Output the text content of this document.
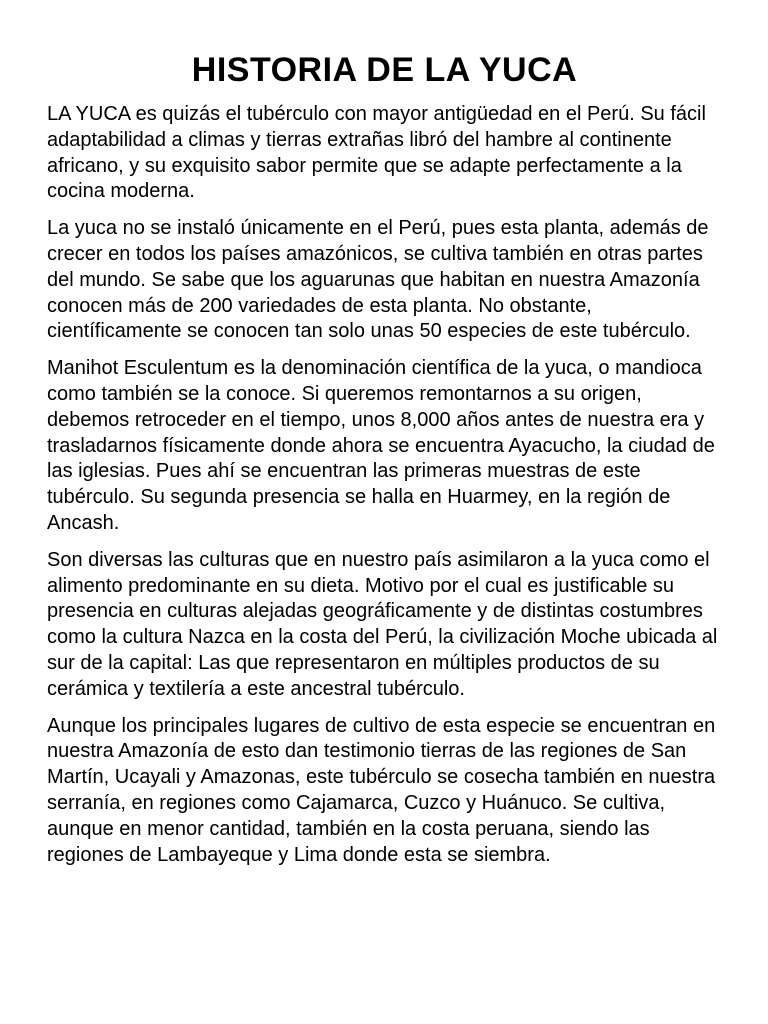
HISTORIA DE LA YUCA

LA YUCA es quizás el tubérculo con mayor antigüedad en el Perú. Su fácil adaptabilidad a climas y tierras extrañas libró del hambre al continente africano, y su exquisito sabor permite que se adapte perfectamente a la cocina moderna.

La yuca no se instaló únicamente en el Perú, pues esta planta, además de crecer en todos los países amazónicos, se cultiva también en otras partes del mundo. Se sabe que los aguarunas que habitan en nuestra Amazonía conocen más de 200 variedades de esta planta. No obstante, científicamente se conocen tan solo unas 50 especies de este tubérculo.

Manihot Esculentum es la denominación científica de la yuca, o mandioca como también se la conoce. Si queremos remontarnos a su origen, debemos retroceder en el tiempo, unos 8,000 años antes de nuestra era y trasladarnos físicamente donde ahora se encuentra Ayacucho, la ciudad de las iglesias. Pues ahí se encuentran las primeras muestras de este tubérculo. Su segunda presencia se halla en Huarmey, en la región de Ancash.

Son diversas las culturas que en nuestro país asimilaron a la yuca como el alimento predominante en su dieta. Motivo por el cual es justificable su presencia en culturas alejadas geográficamente y de distintas costumbres como la cultura Nazca en la costa del Perú, la civilización Moche ubicada al sur de la capital: Las que representaron en múltiples productos de su cerámica y textilería a este ancestral tubérculo.

Aunque los principales lugares de cultivo de esta especie se encuentran en nuestra Amazonía de esto dan testimonio tierras de las regiones de San Martín, Ucayali y Amazonas, este tubérculo se cosecha también en nuestra serranía, en regiones como Cajamarca, Cuzco y Huánuco. Se cultiva, aunque en menor cantidad, también en la costa peruana, siendo las regiones de Lambayeque y Lima donde esta se siembra.
